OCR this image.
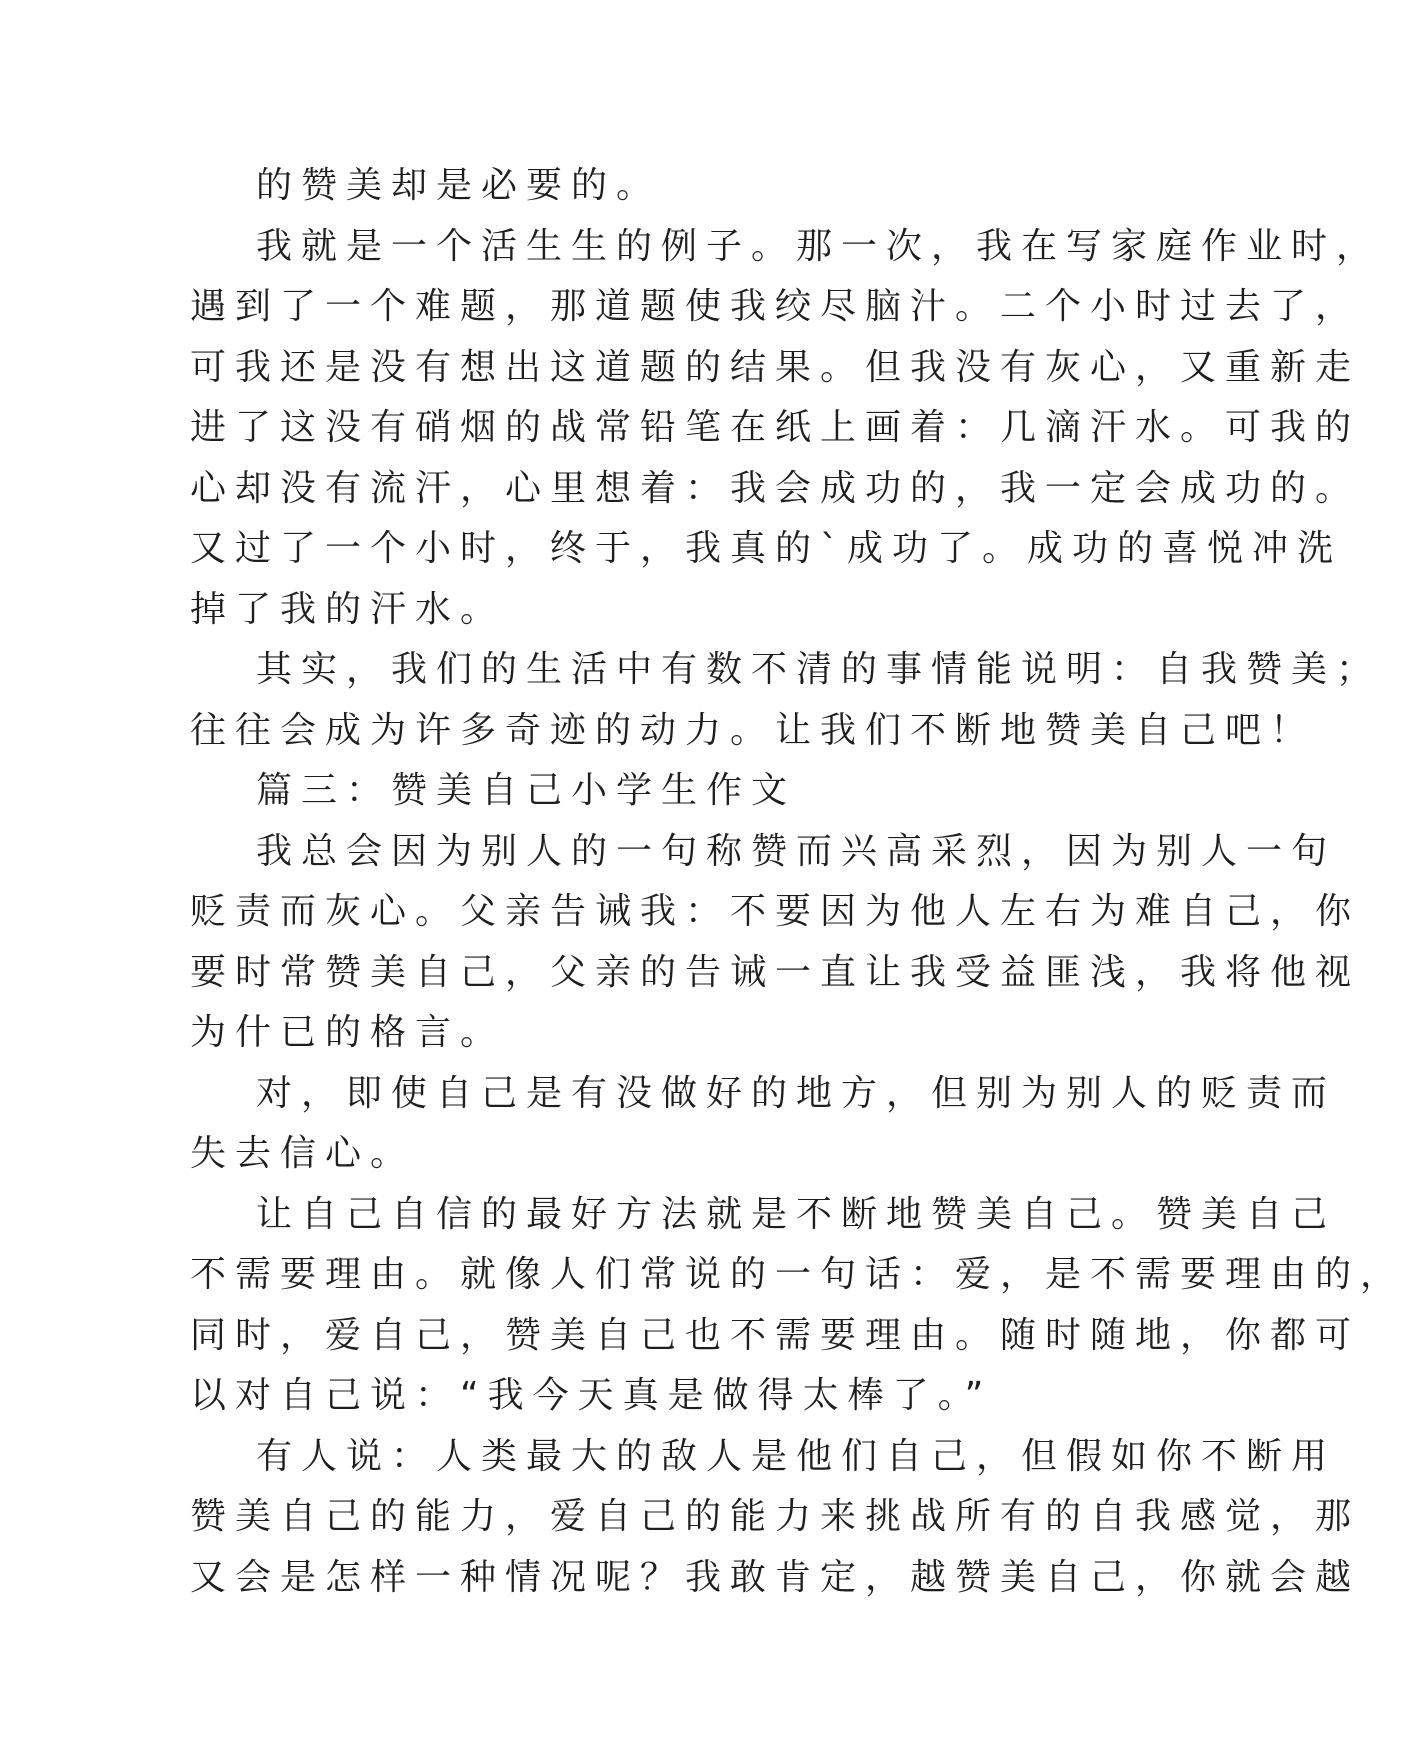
的赞美却是必要的。
我就是一个活生生的例子。那一次，我在写家庭作业时，
遇到了一个难题，那道题使我绞尽脑汁。二个小时过去了，
可我还是没有想出这道题的结果。但我没有灰心，又重新走
进了这没有硝烟的战常铅笔在纸上画着：几滴汗水。可我的
心却没有流汗，心里想着：我会成功的，我一定会成功的。
又过了一个小时，终于，我真的`成功了。成功的喜悦冲洗
掉了我的汗水。
其实，我们的生活中有数不清的事情能说明：自我赞美；
往往会成为许多奇迹的动力。让我们不断地赞美自己吧！
篇三：赞美自己小学生作文
我总会因为别人的一句称赞而兴高采烈，因为别人一句
贬责而灰心。父亲告诫我：不要因为他人左右为难自己，你
要时常赞美自己，父亲的告诫一直让我受益匪浅，我将他视
为什已的格言。
对，即使自己是有没做好的地方，但别为别人的贬责而
失去信心。
让自己自信的最好方法就是不断地赞美自己。赞美自己
不需要理由。就像人们常说的一句话：爱，是不需要理由的，
同时，爱自己，赞美自己也不需要理由。随时随地，你都可
以对自己说：“我今天真是做得太棒了。”
有人说：人类最大的敌人是他们自己，但假如你不断用
赞美自己的能力，爱自己的能力来挑战所有的自我感觉，那
又会是怎样一种情况呢？我敢肯定，越赞美自己，你就会越
